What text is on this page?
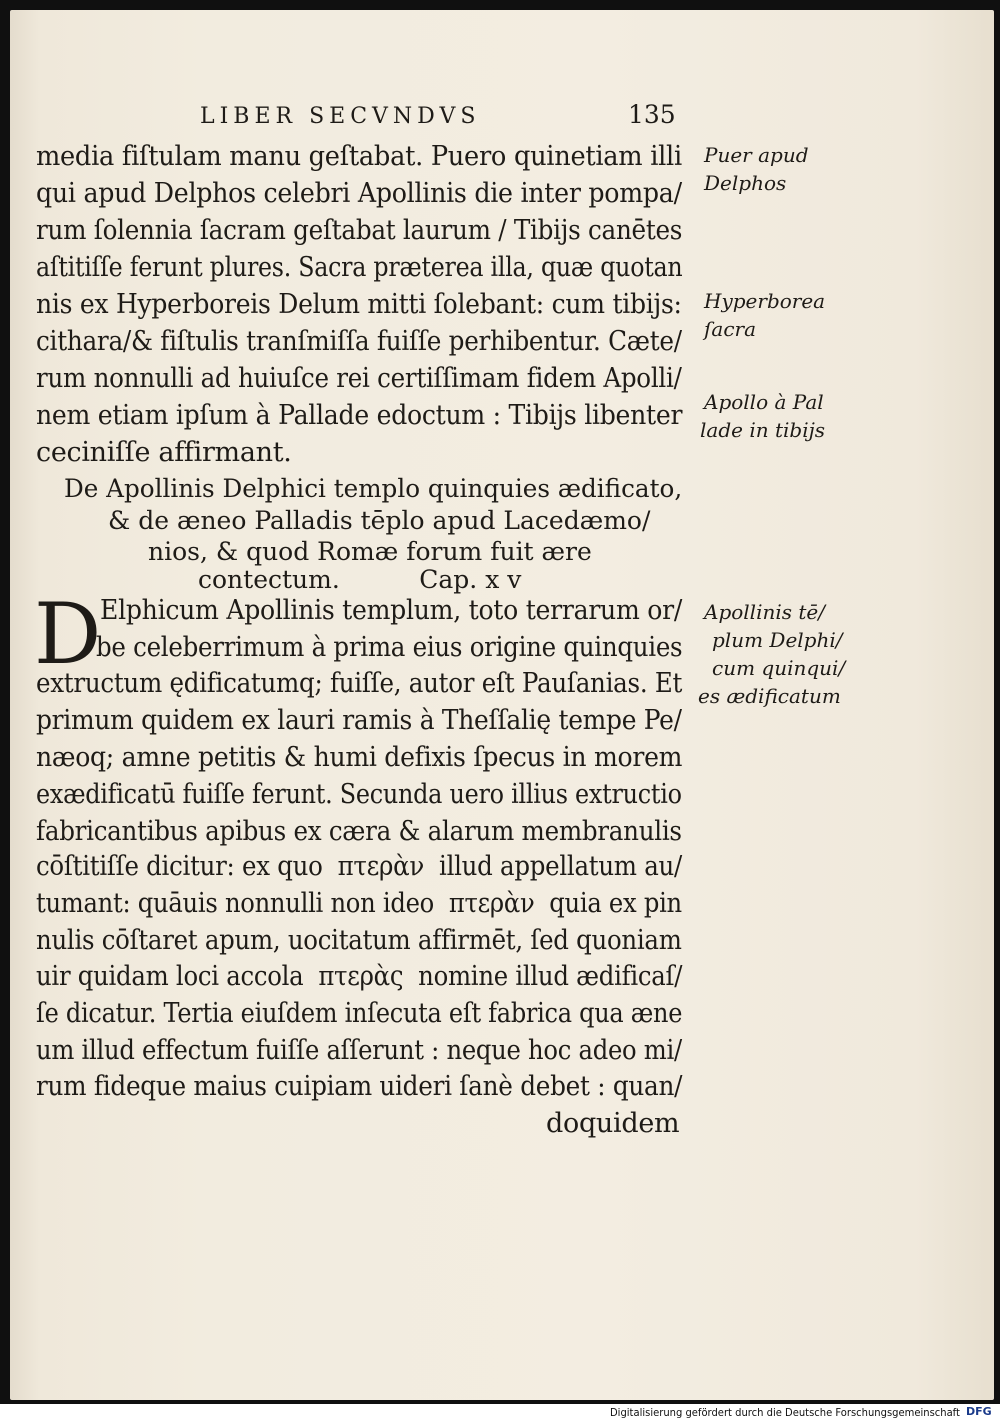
LIBER SECVNDVS	135
media fiſtulam manu geſtabat. Puero quinetiam illi
qui apud Delphos celebri Apollinis die inter pompa/
rum ſolennia ſacram geſtabat laurum / Tibijs canētes
aſtitiſſe ferunt plures. Sacra præterea illa, quæ quotan
nis ex Hyperboreis Delum mitti ſolebant: cum tibijs:
cithara/& fiſtulis tranſmiſſa fuiſſe perhibentur. Cæte/
rum nonnulli ad huiuſce rei certiſſimam fidem Apolli/
nem etiam ipſum à Pallade edoctum : Tibijs libenter
ceciniſſe affirmant.
De Apollinis Delphici templo quinquies ædificato,
& de æneo Palladis tēplo apud Lacedæmo/
nios, & quod Romæ forum fuit ære
contectum.          Cap. x v
D
Elphicum Apollinis templum, toto terrarum or/
be celeberrimum à prima eius origine quinquies
extructum ędificatumq; fuiſſe, autor eſt Pauſanias. Et
primum quidem ex lauri ramis à Theſſalię tempe Pe/
næoq; amne petitis & humi defixis ſpecus in morem
exædificatū fuiſſe ferunt. Secunda uero illius extructio
fabricantibus apibus ex cæra & alarum membranulis
cōſtitiſſe dicitur: ex quo  πτερὰν  illud appellatum au/
tumant: quāuis nonnulli non ideo  πτερὰν  quia ex pin
nulis cōſtaret apum, uocitatum affirmēt, ſed quoniam
uir quidam loci accola  πτερὰς  nomine illud ædificaſ/
ſe dicatur. Tertia eiuſdem inſecuta eſt fabrica qua æne
um illud effectum fuiſſe aſſerunt : neque hoc adeo mi/
rum fideque maius cuipiam uideri ſanè debet : quan/
doquidem
Puer apud
Delphos
Hyperborea
ſacra
Apollo à Pal
lade in tibijs
Apollinis tē/
plum Delphi/
cum quinqui/
es ædificatum
Digitalisierung gefördert durch die Deutsche Forschungsgemeinschaft DFG
